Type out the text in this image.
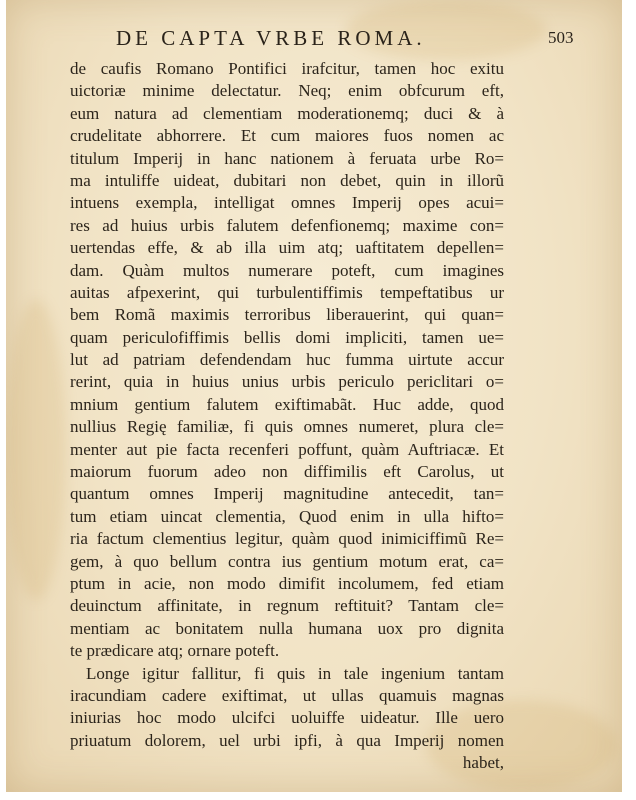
DE CAPTA VRBE ROMA.	503
de caufis Romano Pontifici irafcitur, tamen hoc exitu
uictoriæ minime delectatur. Neq; enim obfcurum eft,
eum natura ad clementiam moderationemq; duci & à
crudelitate abhorrere. Et cum maiores fuos nomen ac
titulum Imperij in hanc nationem à feruata urbe Ro=
ma intuliffe uideat, dubitari non debet, quin in illorũ
intuens exempla, intelligat omnes Imperij opes acui=
res ad huius urbis falutem defenfionemq; maxime con=
uertendas effe, & ab illa uim atq; uaftitatem depellen=
dam. Quàm multos numerare poteft, cum imagines
auitas afpexerint, qui turbulentiffimis tempeftatibus ur
bem Romã maximis terroribus liberauerint, qui quan=
quam periculofiffimis bellis domi impliciti, tamen ue=
lut ad patriam defendendam huc fumma uirtute accur
rerint, quia in huius unius urbis periculo periclitari o=
mnium gentium falutem exiftimabãt. Huc adde, quod
nullius Regię familiæ, fi quis omnes numeret, plura cle=
menter aut pie facta recenferi poffunt, quàm Auftriacæ. Et
maiorum fuorum adeo non diffimilis eft Carolus, ut
quantum omnes Imperij magnitudine antecedit, tan=
tum etiam uincat clementia, Quod enim in ulla hifto=
ria factum clementius legitur, quàm quod inimiciffimũ Re=
gem, à quo bellum contra ius gentium motum erat, ca=
ptum in acie, non modo dimifit incolumem, fed etiam
deuinctum affinitate, in regnum reftituit? Tantam cle=
mentiam ac bonitatem nulla humana uox pro dignita
te prædicare atq; ornare poteft.
Longe igitur fallitur, fi quis in tale ingenium tantam
iracundiam cadere exiftimat, ut ullas quamuis magnas
iniurias hoc modo ulcifci uoluiffe uideatur. Ille uero
priuatum dolorem, uel urbi ipfi, à qua Imperij nomen
habet,
